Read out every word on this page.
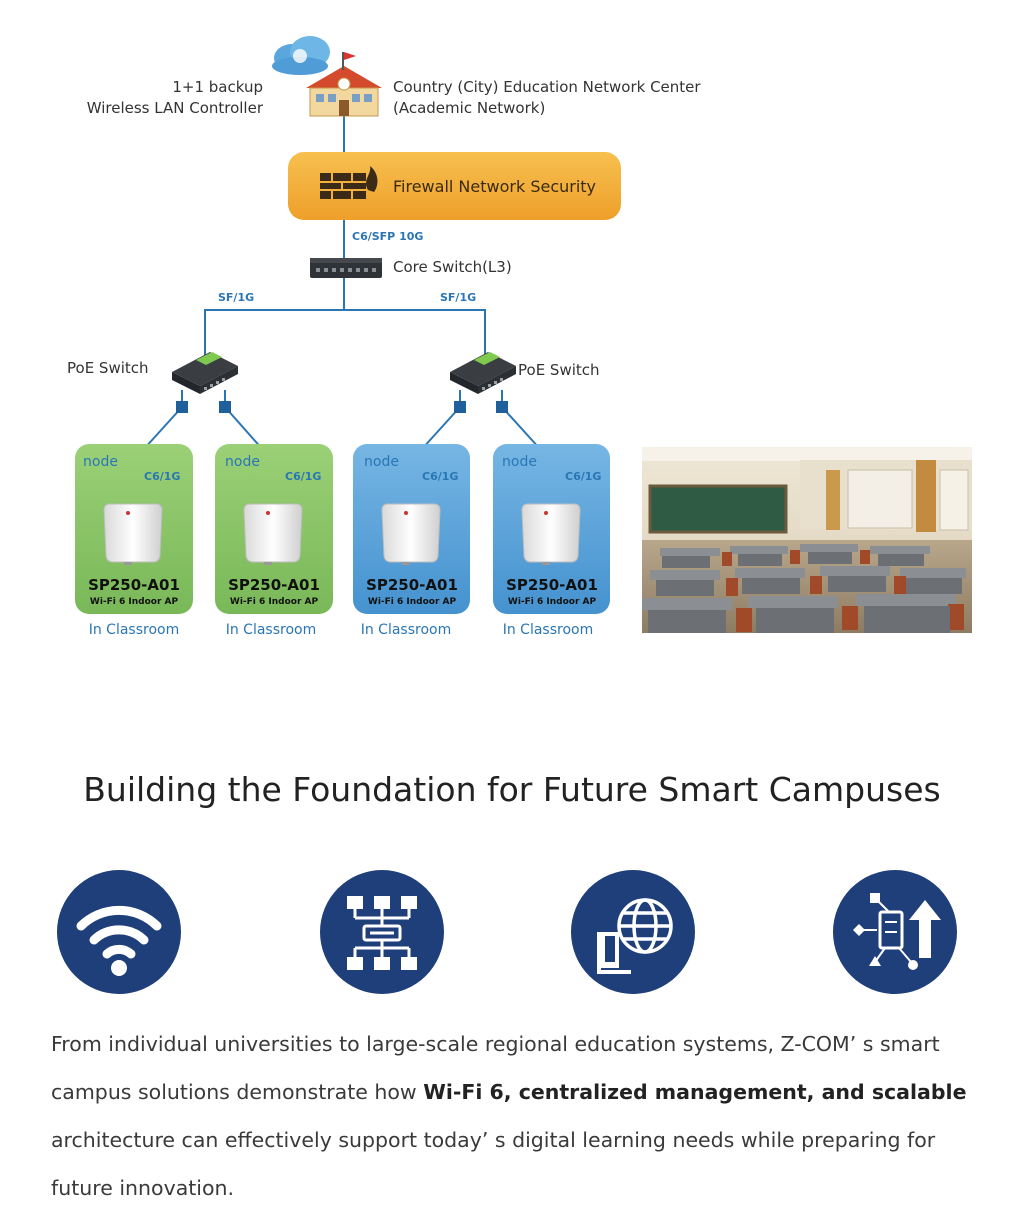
1+1 backup
Wireless LAN Controller
Country (City) Education Network Center
(Academic Network)
Firewall Network Security
C6/SFP 10G
Core Switch(L3)
SF/1G	SF/1G
PoE Switch	PoE Switch
node
C6/1G
SP250-A01
Wi-Fi 6 Indoor AP
In Classroom
node
C6/1G
SP250-A01
Wi-Fi 6 Indoor AP
In Classroom
node
C6/1G
SP250-A01
Wi-Fi 6 Indoor AP
In Classroom
node
C6/1G
SP250-A01
Wi-Fi 6 Indoor AP
In Classroom
Building the Foundation for Future Smart Campuses

From individual universities to large-scale regional education systems, Z-COM’ s smart campus solutions demonstrate how Wi-Fi 6, centralized management, and scalable architecture can effectively support today’ s digital learning needs while preparing for future innovation.
